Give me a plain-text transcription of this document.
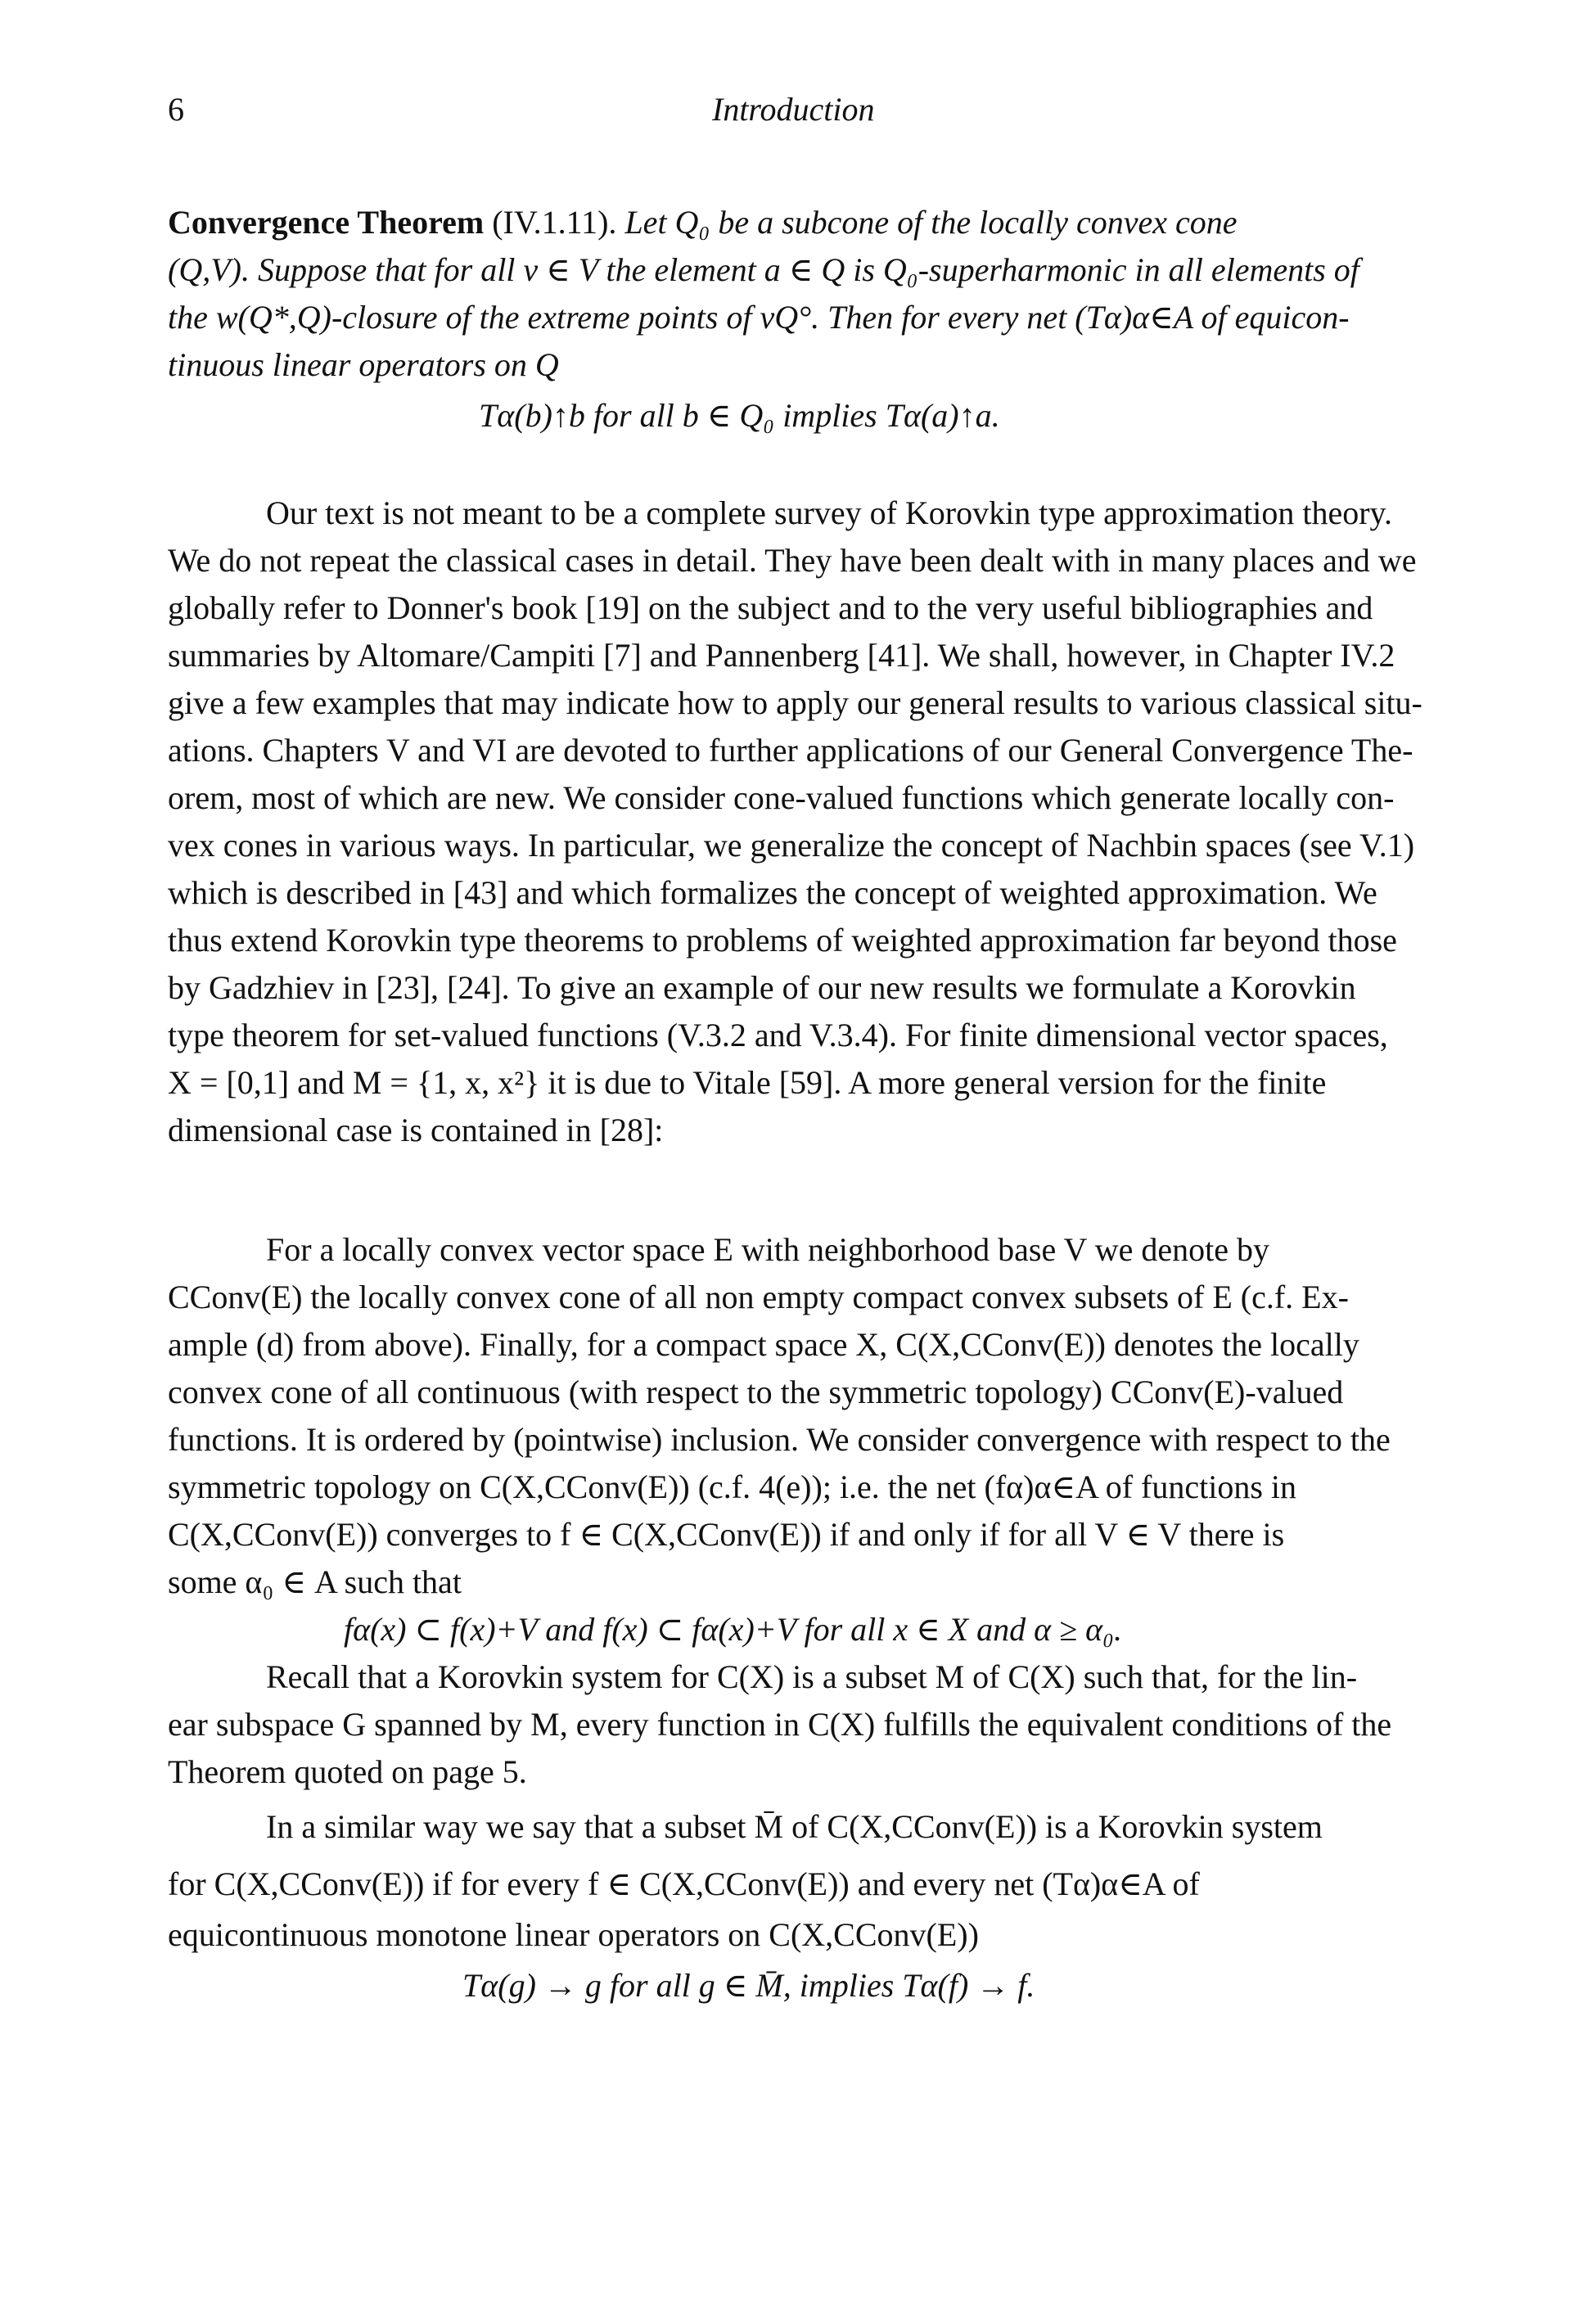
6	Introduction
Convergence Theorem (IV.1.11). Let Q₀ be a subcone of the locally convex cone
(Q,V). Suppose that for all v ∈ V the element a ∈ Q is Q₀-superharmonic in all elements of
the w(Q*,Q)-closure of the extreme points of vQ°. Then for every net (Tα)α∈A of equicon-
tinuous linear operators on Q
Tα(b)↑b for all b ∈ Q₀ implies Tα(a)↑a.
Our text is not meant to be a complete survey of Korovkin type approximation theory.
We do not repeat the classical cases in detail. They have been dealt with in many places and we
globally refer to Donner's book [19] on the subject and to the very useful bibliographies and
summaries by Altomare/Campiti [7] and Pannenberg [41]. We shall, however, in Chapter IV.2
give a few examples that may indicate how to apply our general results to various classical situ-
ations. Chapters V and VI are devoted to further applications of our General Convergence The-
orem, most of which are new. We consider cone-valued functions which generate locally con-
vex cones in various ways. In particular, we generalize the concept of Nachbin spaces (see V.1)
which is described in [43] and which formalizes the concept of weighted approximation. We
thus extend Korovkin type theorems to problems of weighted approximation far beyond those
by Gadzhiev in [23], [24]. To give an example of our new results we formulate a Korovkin
type theorem for set-valued functions (V.3.2 and V.3.4). For finite dimensional vector spaces,
X = [0,1] and M = {1, x, x²} it is due to Vitale [59]. A more general version for the finite
dimensional case is contained in [28]:
For a locally convex vector space E with neighborhood base V we denote by
CConv(E) the locally convex cone of all non empty compact convex subsets of E (c.f. Ex-
ample (d) from above). Finally, for a compact space X, C(X,CConv(E)) denotes the locally
convex cone of all continuous (with respect to the symmetric topology) CConv(E)-valued
functions. It is ordered by (pointwise) inclusion. We consider convergence with respect to the
symmetric topology on C(X,CConv(E)) (c.f. 4(e)); i.e. the net (fα)α∈A of functions in
C(X,CConv(E)) converges to f ∈ C(X,CConv(E)) if and only if for all V ∈ V there is
some α₀ ∈ A such that
fα(x) ⊂ f(x)+V and f(x) ⊂ fα(x)+V for all x ∈ X and α ≥ α₀.
Recall that a Korovkin system for C(X) is a subset M of C(X) such that, for the lin-
ear subspace G spanned by M, every function in C(X) fulfills the equivalent conditions of the
Theorem quoted on page 5.
In a similar way we say that a subset M̄ of C(X,CConv(E)) is a Korovkin system
for C(X,CConv(E)) if for every f ∈ C(X,CConv(E)) and every net (Tα)α∈A of
equicontinuous monotone linear operators on C(X,CConv(E))
Tα(g) → g for all g ∈ M̄, implies Tα(f) → f.
